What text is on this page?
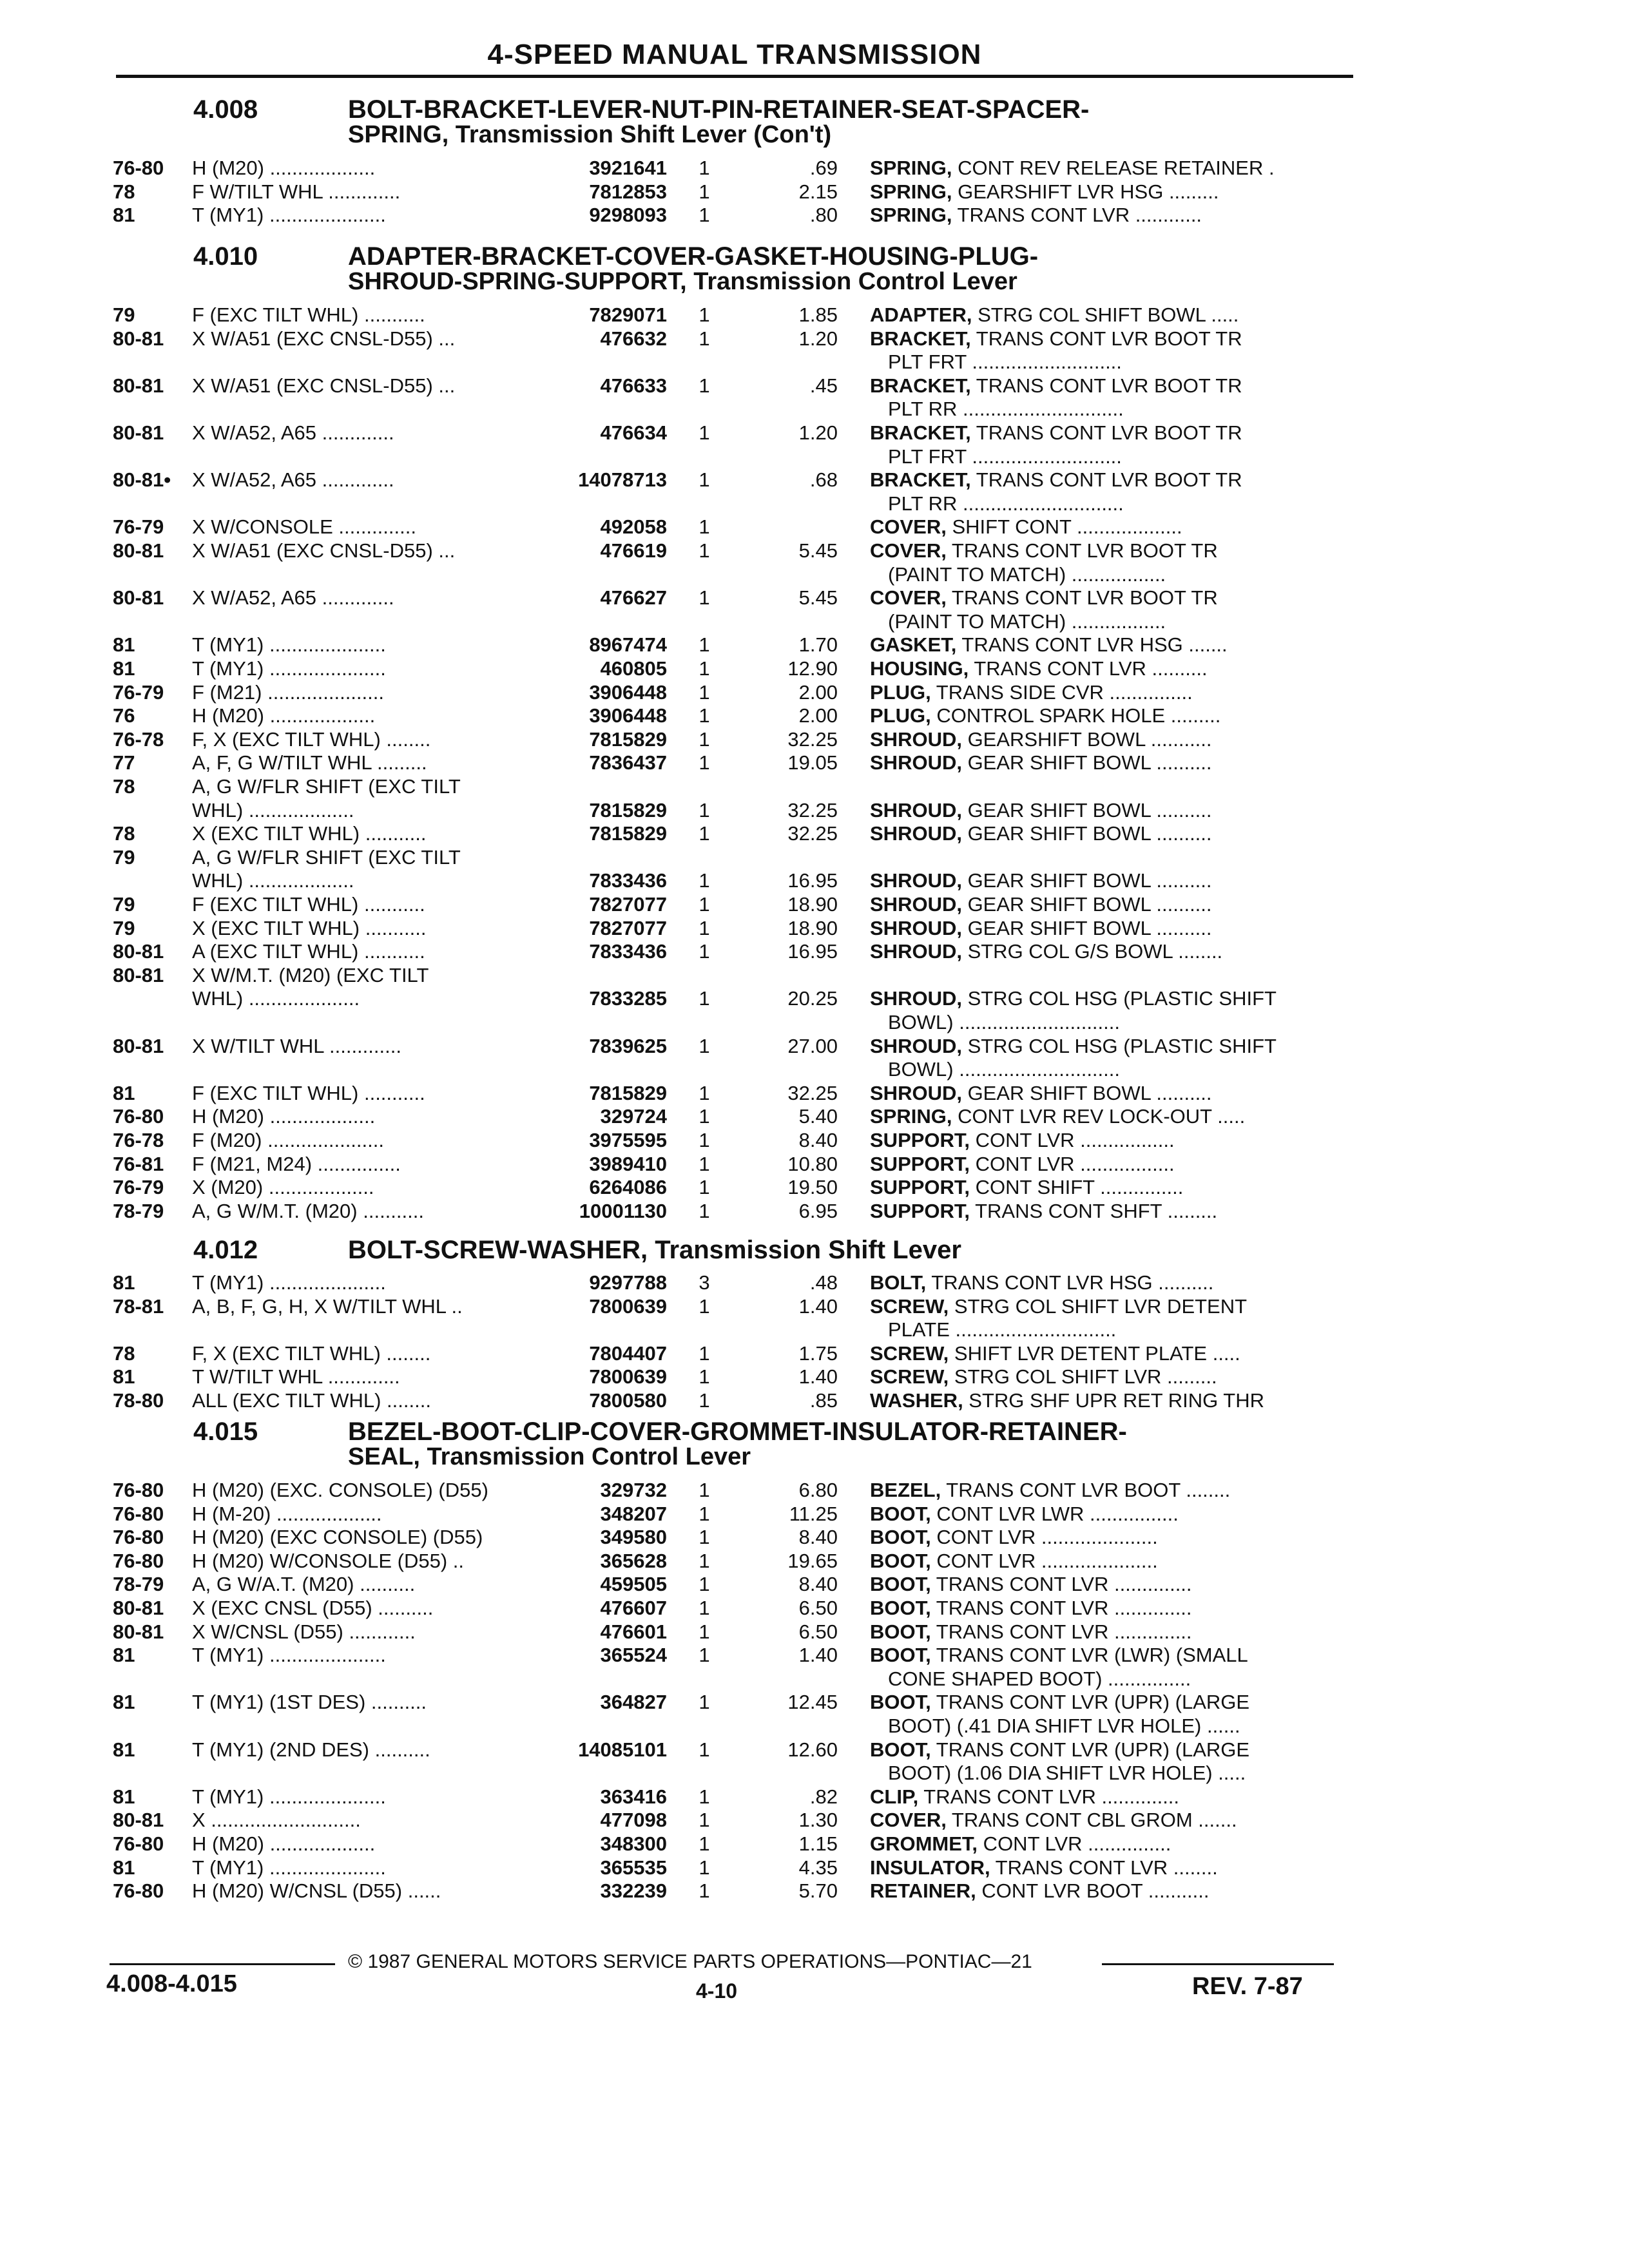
4-SPEED MANUAL TRANSMISSION
4.008	BOLT-BRACKET-LEVER-NUT-PIN-RETAINER-SEAT-SPACER-
SPRING, Transmission Shift Lever (Con't)
76-80 H (M20) ...................	3921641 1	.69 SPRING, CONT REV RELEASE RETAINER .
78	F W/TILT WHL .............	7812853 1	2.15 SPRING, GEARSHIFT LVR HSG .........
81	T (MY1) .....................	9298093 1	.80 SPRING, TRANS CONT LVR ............
4.010	ADAPTER-BRACKET-COVER-GASKET-HOUSING-PLUG-
SHROUD-SPRING-SUPPORT, Transmission Control Lever
79	F (EXC TILT WHL) ...........	7829071 1	1.85 ADAPTER, STRG COL SHIFT BOWL .....
80-81 X W/A51 (EXC CNSL-D55) ...	476632 1	1.20 BRACKET, TRANS CONT LVR BOOT TR
PLT FRT ...........................
80-81 X W/A51 (EXC CNSL-D55) ...	476633 1	.45 BRACKET, TRANS CONT LVR BOOT TR
PLT RR .............................
80-81 X W/A52, A65 .............	476634 1	1.20 BRACKET, TRANS CONT LVR BOOT TR
PLT FRT ...........................
80-81• X W/A52, A65 .............	14078713 1	.68 BRACKET, TRANS CONT LVR BOOT TR
PLT RR .............................
76-79 X W/CONSOLE ..............	492058 1	COVER, SHIFT CONT ...................
80-81 X W/A51 (EXC CNSL-D55) ...	476619 1	5.45 COVER, TRANS CONT LVR BOOT TR
(PAINT TO MATCH) .................
80-81 X W/A52, A65 .............	476627 1	5.45 COVER, TRANS CONT LVR BOOT TR
(PAINT TO MATCH) .................
81	T (MY1) .....................	8967474 1	1.70 GASKET, TRANS CONT LVR HSG .......
81	T (MY1) .....................	460805 1	12.90 HOUSING, TRANS CONT LVR ..........
76-79 F (M21) .....................	3906448 1	2.00 PLUG, TRANS SIDE CVR ...............
76	H (M20) ...................	3906448 1	2.00 PLUG, CONTROL SPARK HOLE .........
76-78 F, X (EXC TILT WHL) ........	7815829 1	32.25 SHROUD, GEARSHIFT BOWL ...........
77	A, F, G W/TILT WHL .........	7836437 1	19.05 SHROUD, GEAR SHIFT BOWL ..........
78	A, G W/FLR SHIFT (EXC TILT
WHL) ...................	7815829 1	32.25 SHROUD, GEAR SHIFT BOWL ..........
78	X (EXC TILT WHL) ...........	7815829 1	32.25 SHROUD, GEAR SHIFT BOWL ..........
79	A, G W/FLR SHIFT (EXC TILT
WHL) ...................	7833436 1	16.95 SHROUD, GEAR SHIFT BOWL ..........
79	F (EXC TILT WHL) ...........	7827077 1	18.90 SHROUD, GEAR SHIFT BOWL ..........
79	X (EXC TILT WHL) ...........	7827077 1	18.90 SHROUD, GEAR SHIFT BOWL ..........
80-81 A (EXC TILT WHL) ...........	7833436 1	16.95 SHROUD, STRG COL G/S BOWL ........
80-81 X W/M.T. (M20) (EXC TILT
WHL) ....................	7833285 1	20.25 SHROUD, STRG COL HSG (PLASTIC SHIFT
BOWL) .............................
80-81 X W/TILT WHL .............	7839625 1	27.00 SHROUD, STRG COL HSG (PLASTIC SHIFT
BOWL) .............................
81	F (EXC TILT WHL) ...........	7815829 1	32.25 SHROUD, GEAR SHIFT BOWL ..........
76-80 H (M20) ...................	329724 1	5.40 SPRING, CONT LVR REV LOCK-OUT .....
76-78 F (M20) .....................	3975595 1	8.40 SUPPORT, CONT LVR .................
76-81 F (M21, M24) ...............	3989410 1	10.80 SUPPORT, CONT LVR .................
76-79 X (M20) ...................	6264086 1	19.50 SUPPORT, CONT SHIFT ...............
78-79 A, G W/M.T. (M20) ...........	10001130 1	6.95 SUPPORT, TRANS CONT SHFT .........
4.012	BOLT-SCREW-WASHER, Transmission Shift Lever
81	T (MY1) .....................	9297788 3	.48 BOLT, TRANS CONT LVR HSG ..........
78-81 A, B, F, G, H, X W/TILT WHL ..	7800639 1	1.40 SCREW, STRG COL SHIFT LVR DETENT
PLATE .............................
78	F, X (EXC TILT WHL) ........	7804407 1	1.75 SCREW, SHIFT LVR DETENT PLATE .....
81	T W/TILT WHL .............	7800639 1	1.40 SCREW, STRG COL SHIFT LVR .........
78-80 ALL (EXC TILT WHL) ........	7800580 1	.85 WASHER, STRG SHF UPR RET RING THR
4.015	BEZEL-BOOT-CLIP-COVER-GROMMET-INSULATOR-RETAINER-
SEAL, Transmission Control Lever
76-80 H (M20) (EXC. CONSOLE) (D55)	329732 1	6.80 BEZEL, TRANS CONT LVR BOOT ........
76-80 H (M-20) ...................	348207 1	11.25 BOOT, CONT LVR LWR ................
76-80 H (M20) (EXC CONSOLE) (D55)	349580 1	8.40 BOOT, CONT LVR .....................
76-80 H (M20) W/CONSOLE (D55) ..	365628 1	19.65 BOOT, CONT LVR .....................
78-79 A, G W/A.T. (M20) ..........	459505 1	8.40 BOOT, TRANS CONT LVR ..............
80-81 X (EXC CNSL (D55) ..........	476607 1	6.50 BOOT, TRANS CONT LVR ..............
80-81 X W/CNSL (D55) ............	476601 1	6.50 BOOT, TRANS CONT LVR ..............
81	T (MY1) .....................	365524 1	1.40 BOOT, TRANS CONT LVR (LWR) (SMALL
CONE SHAPED BOOT) ...............
81	T (MY1) (1ST DES) ..........	364827 1	12.45 BOOT, TRANS CONT LVR (UPR) (LARGE
BOOT) (.41 DIA SHIFT LVR HOLE) ......
81	T (MY1) (2ND DES) ..........	14085101 1	12.60 BOOT, TRANS CONT LVR (UPR) (LARGE
BOOT) (1.06 DIA SHIFT LVR HOLE) .....
81	T (MY1) .....................	363416 1	.82 CLIP, TRANS CONT LVR ..............
80-81 X ...........................	477098 1	1.30 COVER, TRANS CONT CBL GROM .......
76-80 H (M20) ...................	348300 1	1.15 GROMMET, CONT LVR ...............
81	T (MY1) .....................	365535 1	4.35 INSULATOR, TRANS CONT LVR ........
76-80 H (M20) W/CNSL (D55) ......	332239 1	5.70 RETAINER, CONT LVR BOOT ...........
© 1987 GENERAL MOTORS SERVICE PARTS OPERATIONS—PONTIAC—21
4.008-4.015	4-10	REV. 7-87
